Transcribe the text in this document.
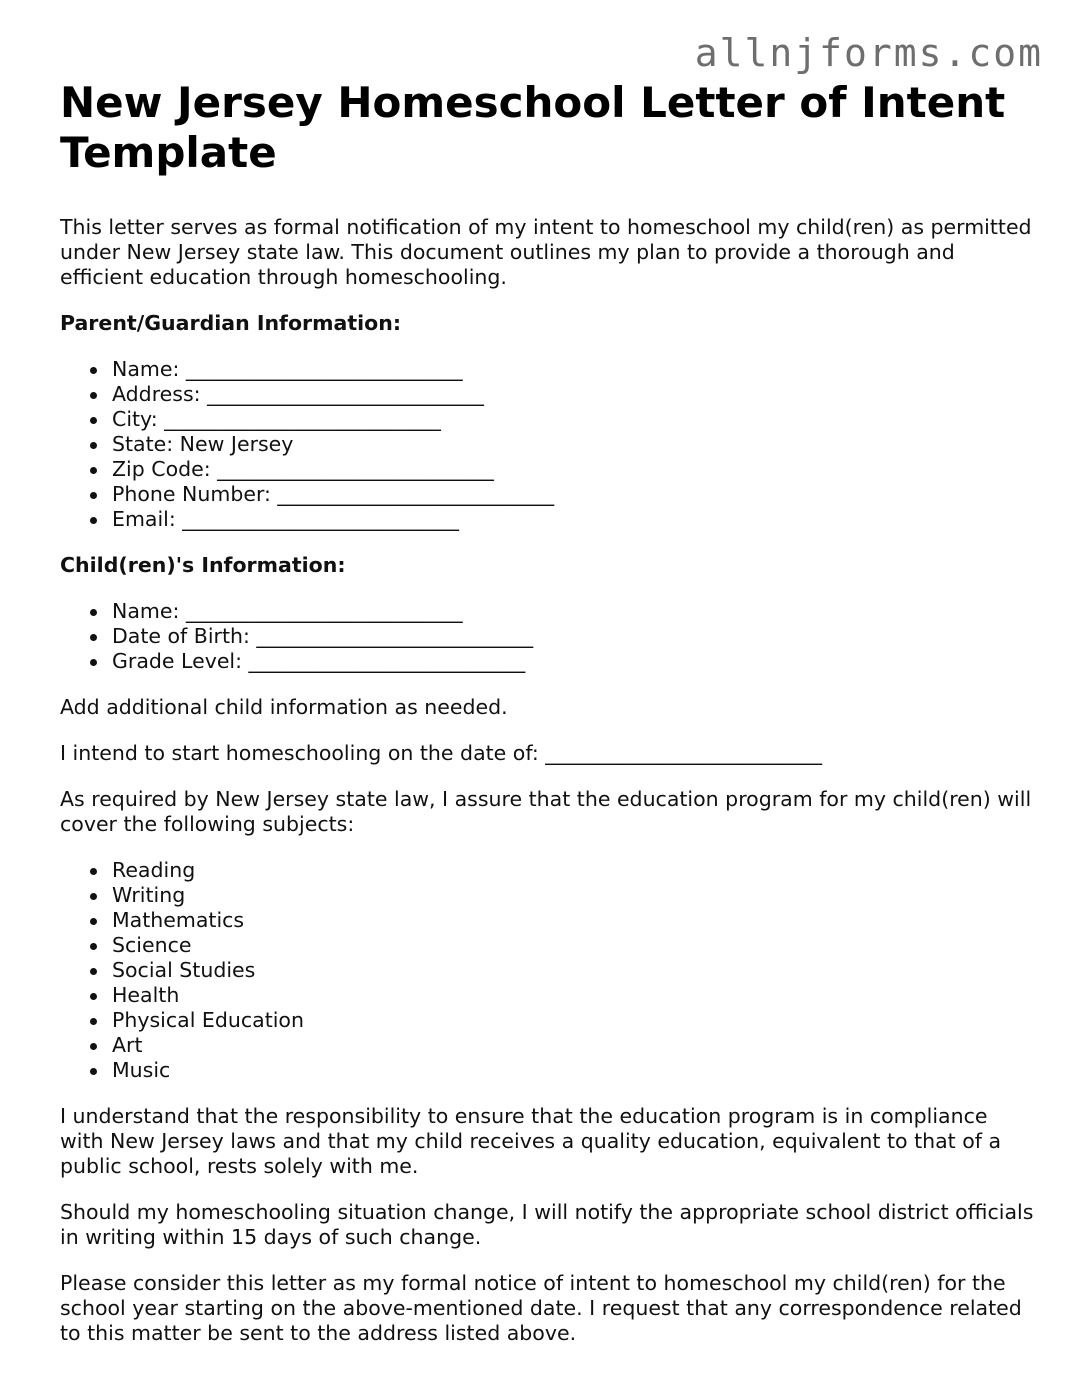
allnjforms.com
New Jersey Homeschool Letter of Intent Template

This letter serves as formal notification of my intent to homeschool my child(ren) as permitted under New Jersey state law. This document outlines my plan to provide a thorough and efficient education through homeschooling.

Parent/Guardian Information:

Name: ___________________________
Address: ___________________________
City: ___________________________
State: New Jersey
Zip Code: ___________________________
Phone Number: ___________________________
Email: ___________________________

Child(ren)'s Information:

Name: ___________________________
Date of Birth: ___________________________
Grade Level: ___________________________

Add additional child information as needed.

I intend to start homeschooling on the date of: ___________________________

As required by New Jersey state law, I assure that the education program for my child(ren) will cover the following subjects:

Reading
Writing
Mathematics
Science
Social Studies
Health
Physical Education
Art
Music

I understand that the responsibility to ensure that the education program is in compliance with New Jersey laws and that my child receives a quality education, equivalent to that of a public school, rests solely with me.

Should my homeschooling situation change, I will notify the appropriate school district officials in writing within 15 days of such change.

Please consider this letter as my formal notice of intent to homeschool my child(ren) for the school year starting on the above-mentioned date. I request that any correspondence related to this matter be sent to the address listed above.
